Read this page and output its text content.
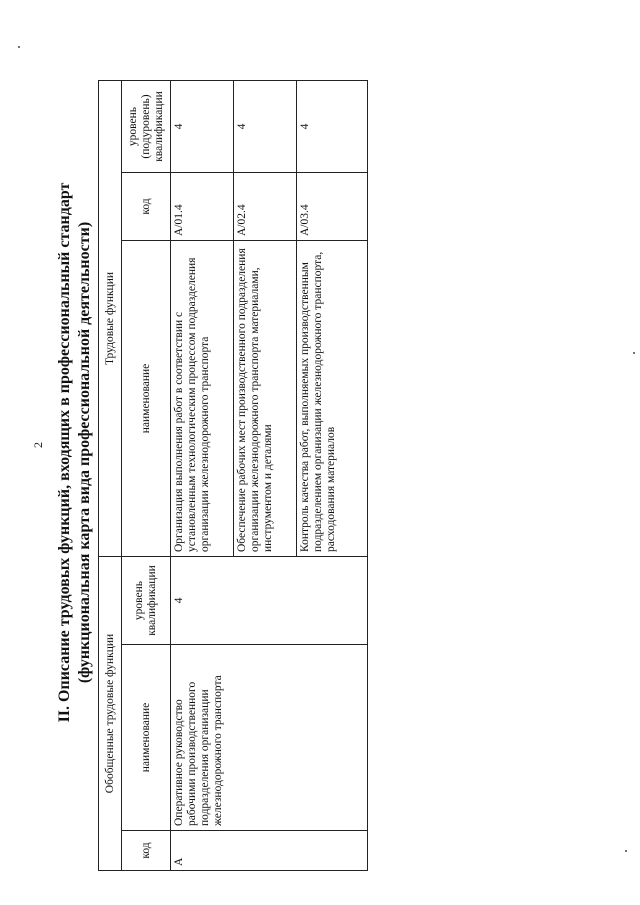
2 II. Описание трудовых функций, входящих в профессиональный стандарт (функциональная карта вида профессиональной деятельности)
Обобщенные трудовые функции			Трудовые функции		
код	наименование	уровень квалификации	наименование	код	уровень (подуровень) квалификации
A	Оперативное руководство рабочими производственного подразделения организации железнодорожного транспорта	4	Организация выполнения работ в соответствии с установленным технологическим процессом подразделения организации железнодорожного транспорта	A/01.4	4
			Обеспечение рабочих мест производственного подразделения организации железнодорожного транспорта материалами, инструментом и деталями	A/02.4	4
			Контроль качества работ, выполняемых производственным подразделением организации железнодорожного транспорта, расходования материалов	A/03.4	4
